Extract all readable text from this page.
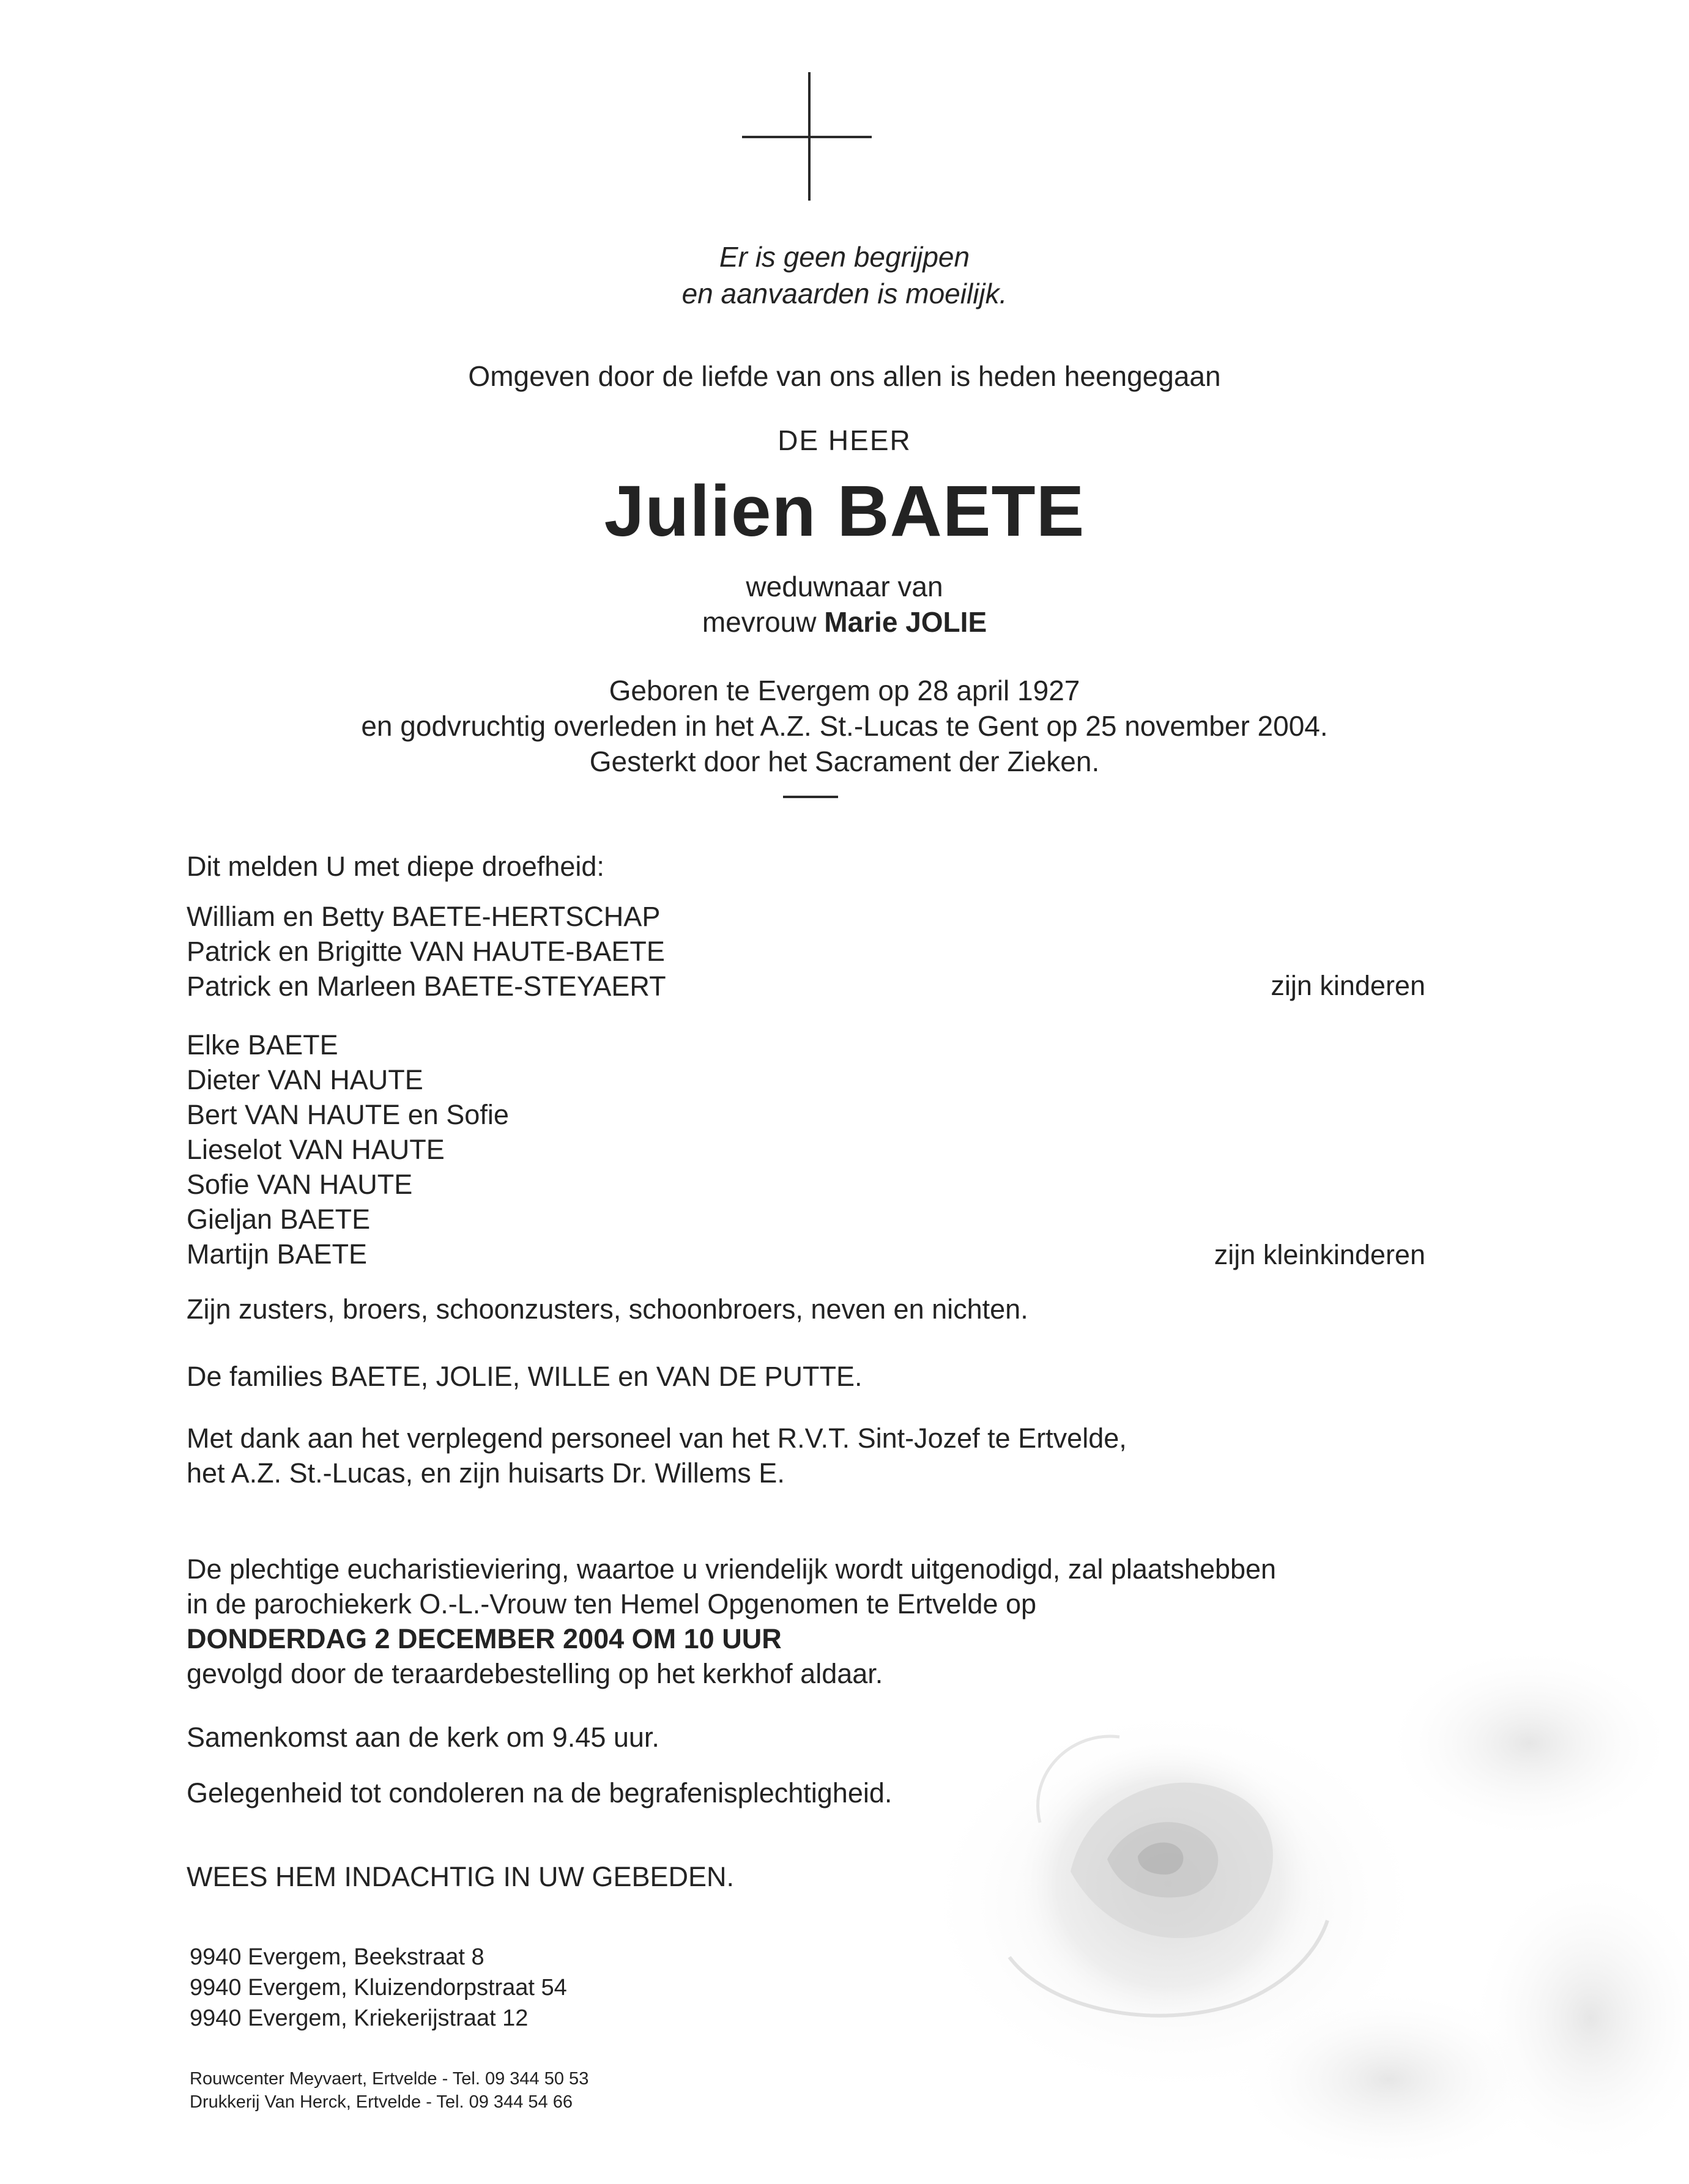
Er is geen begrijpen
en aanvaarden is moeilijk.
Omgeven door de liefde van ons allen is heden heengegaan
DE HEER
Julien BAETE
weduwnaar van
mevrouw Marie JOLIE
Geboren te Evergem op 28 april 1927
en godvruchtig overleden in het A.Z. St.-Lucas te Gent op 25 november 2004.
Gesterkt door het Sacrament der Zieken.
Dit melden U met diepe droefheid:
William en Betty BAETE-HERTSCHAP
Patrick en Brigitte VAN HAUTE-BAETE
Patrick en Marleen BAETE-STEYAERT	zijn kinderen
Elke BAETE
Dieter VAN HAUTE
Bert VAN HAUTE en Sofie
Lieselot VAN HAUTE
Sofie VAN HAUTE
Gieljan BAETE
Martijn BAETE	zijn kleinkinderen
Zijn zusters, broers, schoonzusters, schoonbroers, neven en nichten.
De families BAETE, JOLIE, WILLE en VAN DE PUTTE.
Met dank aan het verplegend personeel van het R.V.T. Sint-Jozef te Ertvelde,
het A.Z. St.-Lucas, en zijn huisarts Dr. Willems E.
De plechtige eucharistieviering, waartoe u vriendelijk wordt uitgenodigd, zal plaatshebben
in de parochiekerk O.-L.-Vrouw ten Hemel Opgenomen te Ertvelde op
DONDERDAG 2 DECEMBER 2004 OM 10 UUR
gevolgd door de teraardebestelling op het kerkhof aldaar.
Samenkomst aan de kerk om 9.45 uur.
Gelegenheid tot condoleren na de begrafenisplechtigheid.
WEES HEM INDACHTIG IN UW GEBEDEN.
9940 Evergem, Beekstraat 8
9940 Evergem, Kluizendorpstraat 54
9940 Evergem, Kriekerijstraat 12
Rouwcenter Meyvaert, Ertvelde - Tel. 09 344 50 53
Drukkerij Van Herck, Ertvelde - Tel. 09 344 54 66
